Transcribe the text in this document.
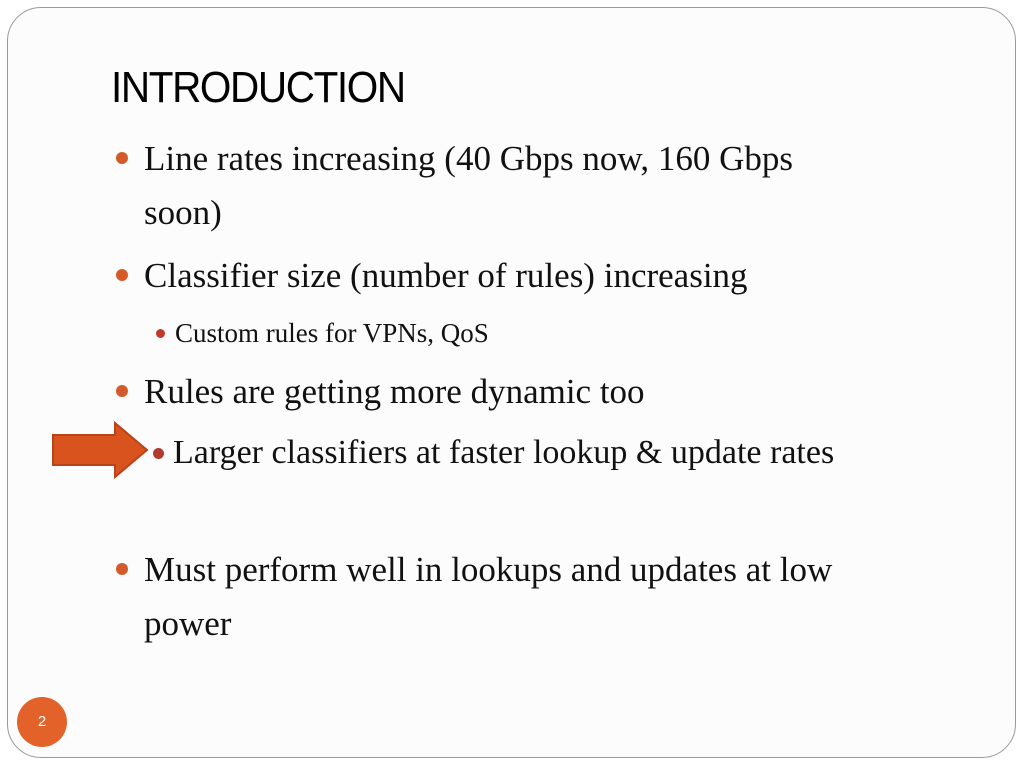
INTRODUCTION
Line rates increasing (40 Gbps now, 160 Gbps
soon)
Classifier size (number of rules) increasing
Custom rules for VPNs, QoS
Rules are getting more dynamic too
Larger classifiers at faster lookup & update rates
Must perform well in lookups and updates at low
power
2
